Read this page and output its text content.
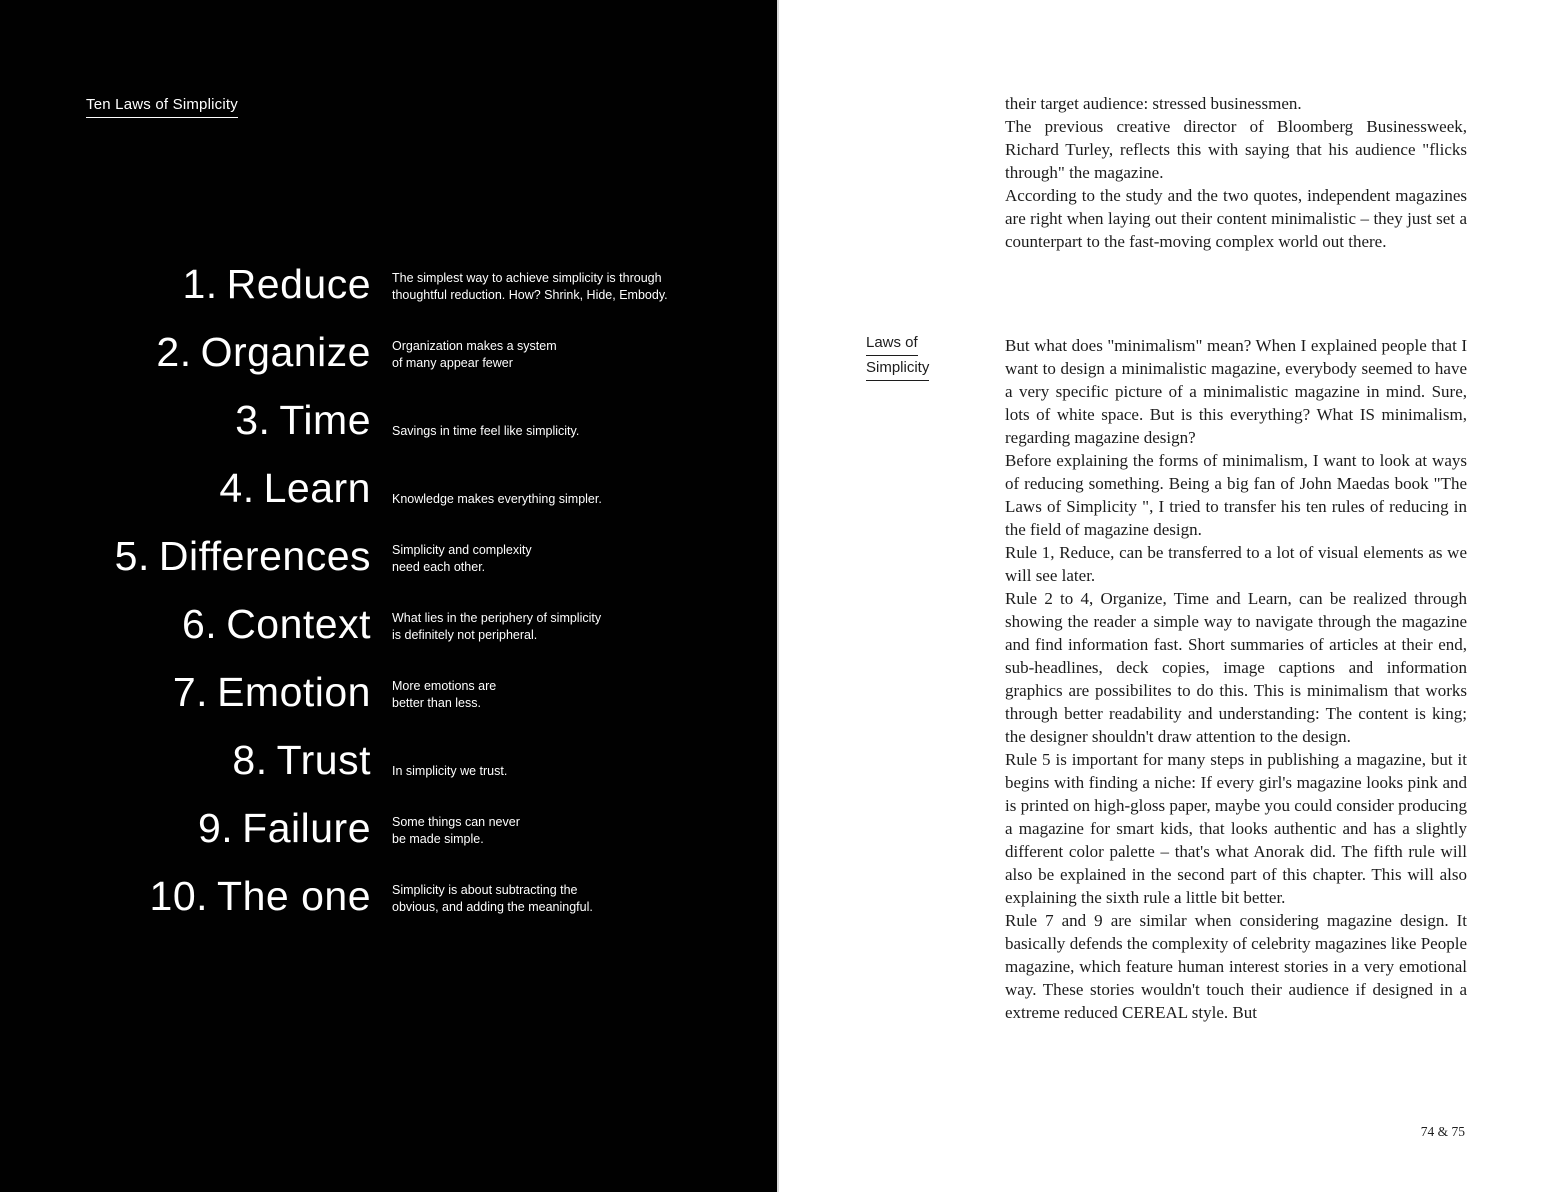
Ten Laws of Simplicity
1. Reduce The simplest way to achieve simplicity is through
thoughtful reduction. How? Shrink, Hide, Embody.
2. Organize Organization makes a system
of many appear fewer
3. Time Savings in time feel like simplicity.
4. Learn Knowledge makes everything simpler.
5. Differences Simplicity and complexity
need each other.
6. Context What lies in the periphery of simplicity
is definitely not peripheral.
7. Emotion More emotions are
better than less.
8. Trust In simplicity we trust.
9. Failure Some things can never
be made simple.
10. The one Simplicity is about subtracting the
obvious, and adding the meaningful.

their target audience: stressed businessmen.

The previous creative director of Bloomberg Businessweek, Richard Turley, reflects this with saying that his audience "flicks through" the magazine.

According to the study and the two quotes, independent magazines are right when laying out their content minimalistic – they just set a counterpart to the fast-moving complex world out there.

Laws of
Simplicity

But what does "minimalism" mean? When I explained people that I want to design a minimalistic magazine, everybody seemed to have a very specific picture of a minimalistic magazine in mind. Sure, lots of white space. But is this everything? What IS minimalism, regarding magazine design?

Before explaining the forms of minimalism, I want to look at ways of reducing something. Being a big fan of John Maedas book "The Laws of Simplicity ", I tried to transfer his ten rules of reducing in the field of magazine design.

Rule 1, Reduce, can be transferred to a lot of visual elements as we will see later.

Rule 2 to 4, Organize, Time and Learn, can be realized through showing the reader a simple way to navigate through the magazine and find information fast. Short summaries of articles at their end, sub-headlines, deck copies, image captions and information graphics are possibilites to do this. This is minimalism that works through better readability and understanding: The content is king; the designer shouldn't draw attention to the design.

Rule 5 is important for many steps in publishing a magazine, but it begins with finding a niche: If every girl's magazine looks pink and is printed on high-gloss paper, maybe you could consider producing a magazine for smart kids, that looks authentic and has a slightly different color palette – that's what Anorak did. The fifth rule will also be explained in the second part of this chapter. This will also explaining the sixth rule a little bit better.

Rule 7 and 9 are similar when considering magazine design. It basically defends the complexity of celebrity magazines like People magazine, which feature human interest stories in a very emotional way. These stories wouldn't touch their audience if designed in a extreme reduced CEREAL style. But

74 & 75
